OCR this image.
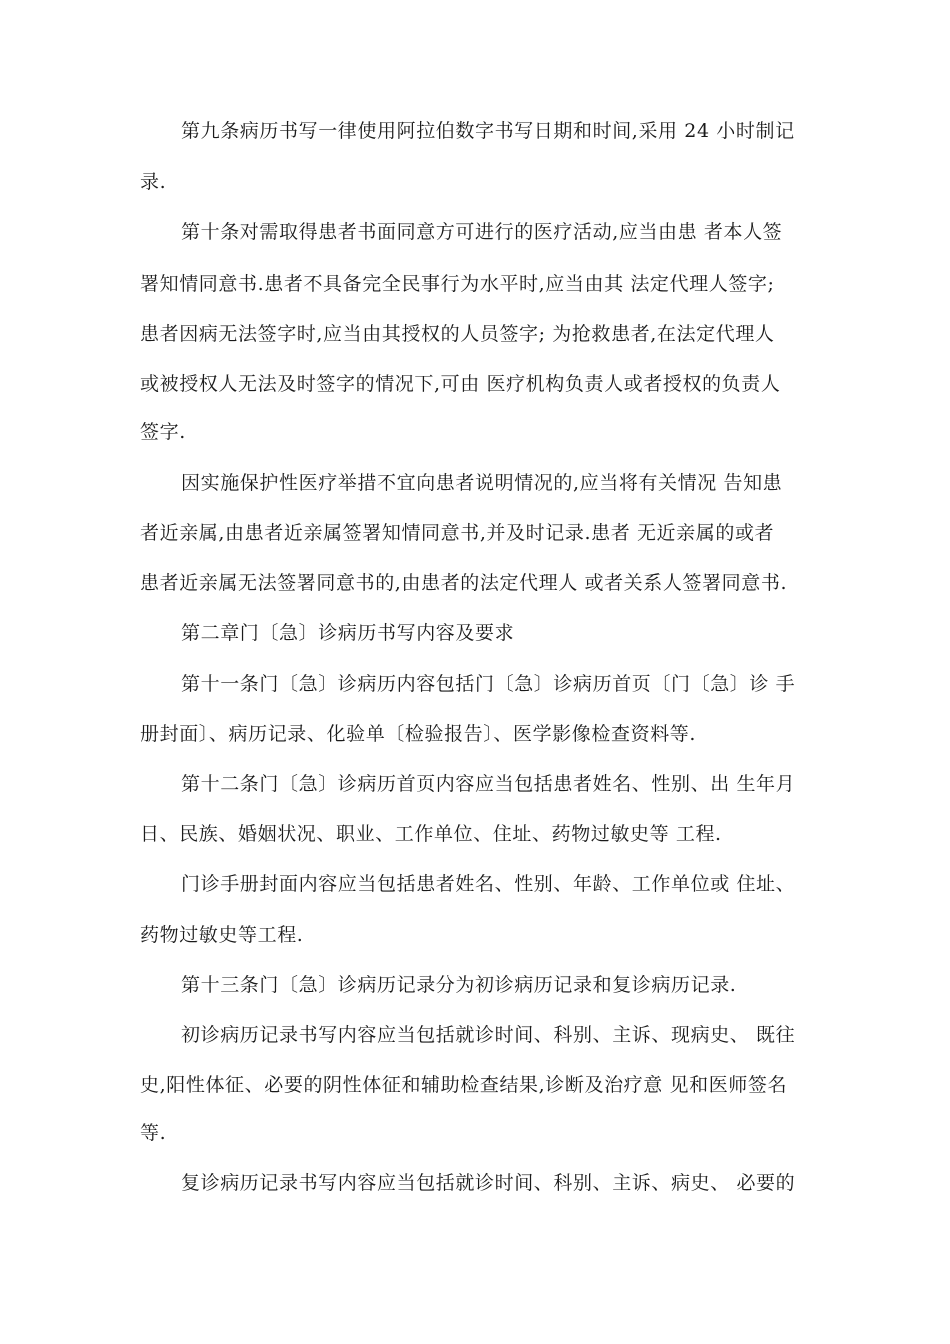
第九条病历书写一律使用阿拉伯数字书写日期和时间,采用 24 小时制记
录.
第十条对需取得患者书面同意方可进行的医疗活动,应当由患 者本人签
署知情同意书.患者不具备完全民事行为水平时,应当由其 法定代理人签字;
患者因病无法签字时,应当由其授权的人员签字; 为抢救患者,在法定代理人
或被授权人无法及时签字的情况下,可由 医疗机构负责人或者授权的负责人
签字.
因实施保护性医疗举措不宜向患者说明情况的,应当将有关情况 告知患
者近亲属,由患者近亲属签署知情同意书,并及时记录.患者 无近亲属的或者
患者近亲属无法签署同意书的,由患者的法定代理人 或者关系人签署同意书.
第二章门〔急〕诊病历书写内容及要求
第十一条门〔急〕诊病历内容包括门〔急〕诊病历首页〔门〔急〕诊 手
册封面〕、病历记录、化验单〔检验报告〕、医学影像检查资料等.
第十二条门〔急〕诊病历首页内容应当包括患者姓名、性别、出 生年月
日、民族、婚姻状况、职业、工作单位、住址、药物过敏史等 工程.
门诊手册封面内容应当包括患者姓名、性别、年龄、工作单位或 住址、
药物过敏史等工程.
第十三条门〔急〕诊病历记录分为初诊病历记录和复诊病历记录.
初诊病历记录书写内容应当包括就诊时间、科别、主诉、现病史、 既往
史,阳性体征、必要的阴性体征和辅助检查结果,诊断及治疗意 见和医师签名
等.
复诊病历记录书写内容应当包括就诊时间、科别、主诉、病史、 必要的
